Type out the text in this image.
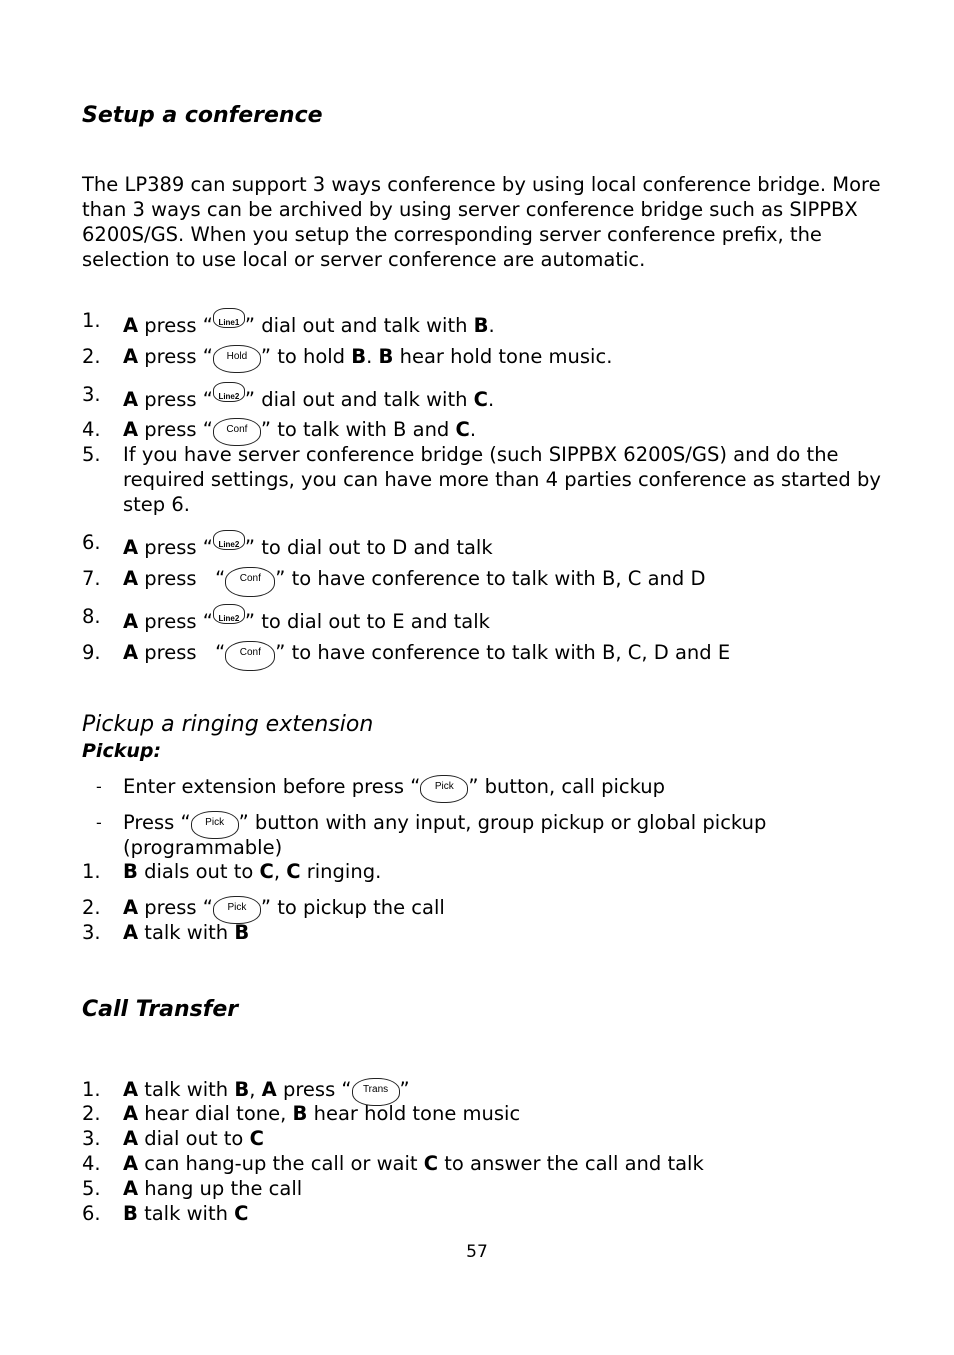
Setup a conference

The LP389 can support 3 ways conference by using local conference bridge. More than 3 ways can be archived by using server conference bridge such as SIPPBX 6200S/GS. When you setup the corresponding server conference prefix, the selection to use local or server conference are automatic.

1.	A press “ Line1 ” dial out and talk with B.
2.	A press “	Hold ” to hold B. B hear hold tone music.
3.	A press “ Line2 ” dial out and talk with C.
4.	A press “	Conf ” to talk with B and C.
5.	If you have server conference bridge (such SIPPBX 6200S/GS) and do the required settings, you can have more than 4 parties conference as started by step 6.
6.	A press “ Line2 ” to dial out to D and talk
7.	A press   “	Conf ” to have conference to talk with B, C and D
8.	A press “ Line2 ” to dial out to E and talk
9.	A press   “	Conf ” to have conference to talk with B, C, D and E
Pickup a ringing extension
Pickup:
- Enter extension before press “	Pick ” button, call pickup
- Press “	Pick ” button with any input, group pickup or global pickup
(programmable)
1.	B dials out to C, C ringing.
2.	A press “	Pick ” to pickup the call
3.	A talk with B
Call Transfer
1.	A talk with B, A press “	Trans ”
2.	A hear dial tone, B hear hold tone music
3.	A dial out to C
4.	A can hang-up the call or wait C to answer the call and talk
5.	A hang up the call
6.	B talk with C
57
